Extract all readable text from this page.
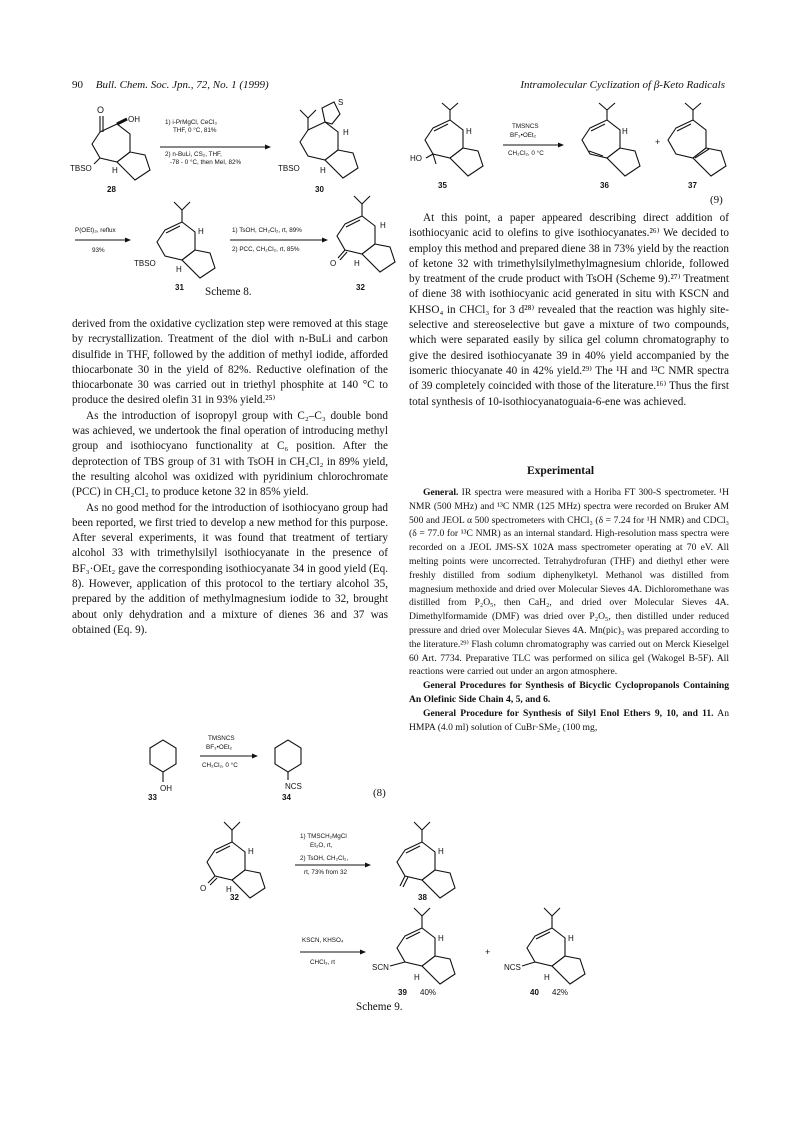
90 Bull. Chem. Soc. Jpn., 72, No. 1 (1999)	Intramolecular Cyclization of β-Keto Radicals
O
OH
TBSO	H
28
1) i-PrMgCl, CeCl₃
THF, 0 °C, 81%
2) n-BuLi, CS₂, THF,
-78 - 0 °C, then MeI, 82%
S
H
TBSO	H
30
P(OEt)₃, reflux
93%
H
TBSO
H
31
1) TsOH, CH₂Cl₂, rt, 89%
2) PCC, CH₂Cl₂, rt, 85%
H
O H
32
Scheme 8.
HO
H
35
TMSNCS
BF₃•OEt₂
CH₂Cl₂, 0 °C
H
36
+
37
(9)

derived from the oxidative cyclization step were removed at this stage by recrystallization. Treatment of the diol with n-BuLi and carbon disulfide in THF, followed by the addition of methyl iodide, afforded thiocarbonate 30 in the yield of 82%. Reductive olefination of the thiocarbonate 30 was carried out in triethyl phosphite at 140 °C to produce the desired olefin 31 in 93% yield.²⁵⁾

As the introduction of isopropyl group with C₂–C₃ double bond was achieved, we undertook the final operation of introducing methyl group and isothiocyano functionality at C₆ position. After the deprotection of TBS group of 31 with TsOH in CH₂Cl₂ in 89% yield, the resulting alcohol was oxidized with pyridinium chlorochromate (PCC) in CH₂Cl₂ to produce ketone 32 in 85% yield.

As no good method for the introduction of isothiocyano group had been reported, we first tried to develop a new method for this purpose. After several experiments, it was found that treatment of tertiary alcohol 33 with trimethylsilyl isothiocyanate in the presence of BF₃·OEt₂ gave the corresponding isothiocyanate 34 in good yield (Eq. 8). However, application of this protocol to the tertiary alcohol 35, prepared by the addition of methylmagnesium iodide to 32, brought about only dehydration and a mixture of dienes 36 and 37 was obtained (Eq. 9).

At this point, a paper appeared describing direct addition of isothiocyanic acid to olefins to give isothiocyanates.²⁶⁾ We decided to employ this method and prepared diene 38 in 73% yield by the reaction of ketone 32 with trimethylsilylmethylmagnesium chloride, followed by treatment of the crude product with TsOH (Scheme 9).²⁷⁾ Treatment of diene 38 with isothiocyanic acid generated in situ with KSCN and KHSO₄ in CHCl₃ for 3 d²⁸⁾ revealed that the reaction was highly site-selective and stereoselective but gave a mixture of two compounds, which were separated easily by silica gel column chromatography to give the desired isothiocyanate 39 in 40% yield accompanied by the isomeric thiocyanate 40 in 42% yield.²⁹⁾ The ¹H and ¹³C NMR spectra of 39 completely coincided with those of the literature.¹⁶⁾ Thus the first total synthesis of 10-isothiocyanatoguaia-6-ene was achieved.

Experimental

General. IR spectra were measured with a Horiba FT 300-S spectrometer. ¹H NMR (500 MHz) and ¹³C NMR (125 MHz) spectra were recorded on Bruker AM 500 and JEOL α 500 spectrometers with CHCl₃ (δ = 7.24 for ¹H NMR) and CDCl₃ (δ = 77.0 for ¹³C NMR) as an internal standard. High-resolution mass spectra were recorded on a JEOL JMS-SX 102A mass spectrometer operating at 70 eV. All melting points were uncorrected. Tetrahydrofuran (THF) and diethyl ether were freshly distilled from sodium diphenylketyl. Methanol was distilled from magnesium methoxide and dried over Molecular Sieves 4A. Dichloromethane was distilled from P₂O₅, then CaH₂, and dried over Molecular Sieves 4A. Dimethylformamide (DMF) was dried over P₂O₅, then distilled under reduced pressure and dried over Molecular Sieves 4A. Mn(pic)₃ was prepared according to the literature.²⁹⁾ Flash column chromatography was carried out on Merck Kieselgel 60 Art. 7734. Preparative TLC was performed on silica gel (Wakogel B-5F). All reactions were carried out under an argon atmosphere.

General Procedures for Synthesis of Bicyclic Cyclopropanols Containing An Olefinic Side Chain 4, 5, and 6.

General Procedure for Synthesis of Silyl Enol Ethers 9, 10, and 11. An HMPA (4.0 ml) solution of CuBr·SMe₂ (100 mg,

OH
33
TMSNCS
BF₃•OEt₂
CH₂Cl₂, 0 °C
NCS
34	(8)
H
O H
32
1) TMSCH₂MgCl
Et₂O, rt,
2) TsOH, CH₂Cl₂,
rt, 73% from 32
H
38
KSCN, KHSO₄
CHCl₃, rt
SCN
H
H
39 40%
+
NCS
H
H
40 42%
Scheme 9.
